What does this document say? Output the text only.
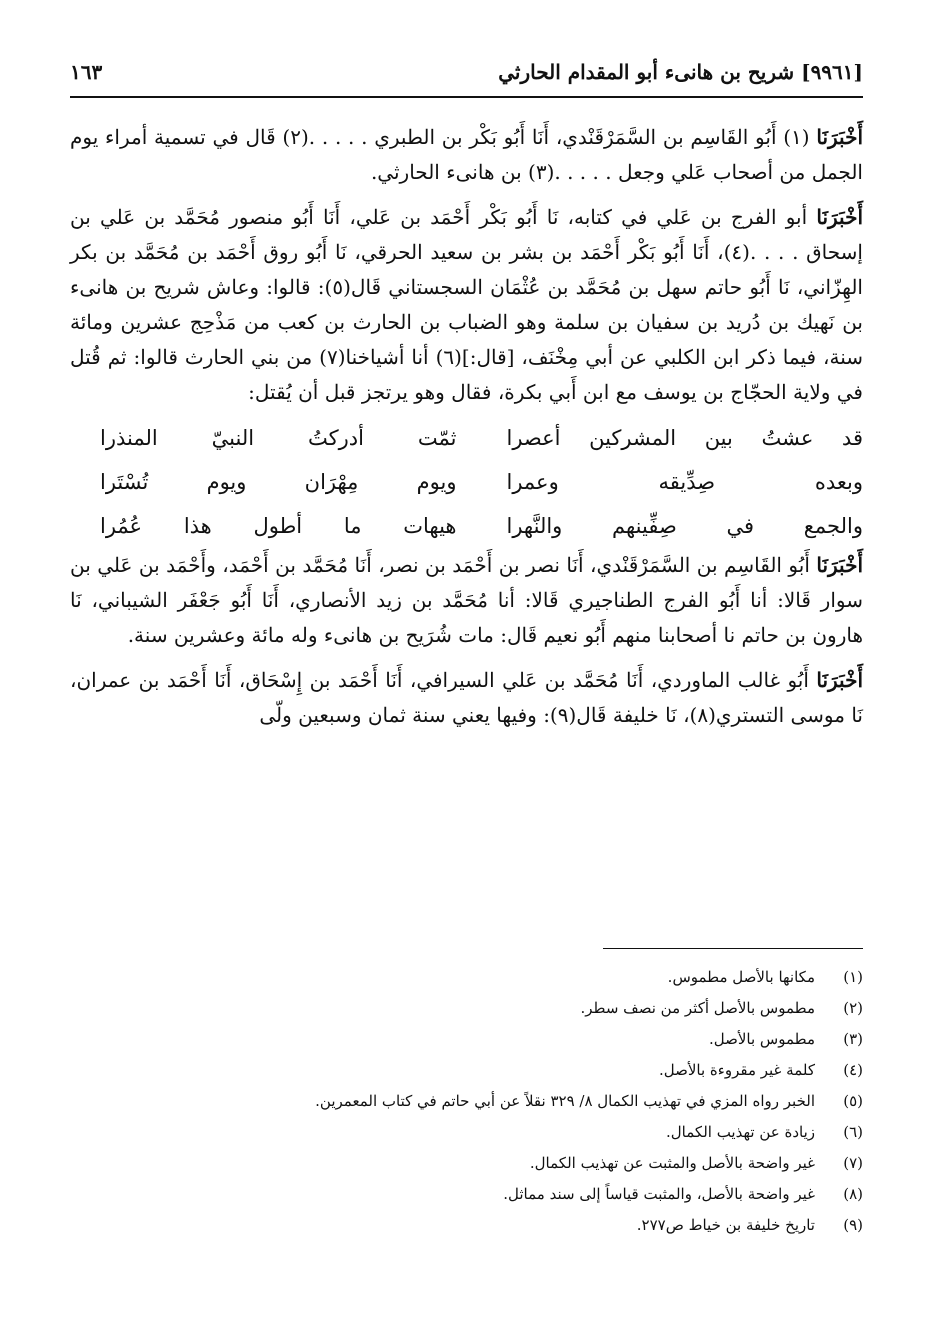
[٩٩٦١] شريح بن هانىء أبو المقدام الحارثي
١٦٣

أَخْبَرَنَا (١) أَبُو القَاسِم بن السَّمَرْقَنْدي، أَنَا أَبُو بَكْر بن الطبري . . . . .(٢) قَال في تسمية أمراء يوم الجمل من أصحاب عَلي وجعل . . . . .(٣) بن هانىء الحارثي.

أَخْبَرَنَا أبو الفرج بن عَلي في كتابه، نَا أَبُو بَكْر أَحْمَد بن عَلي، أَنَا أَبُو منصور مُحَمَّد بن عَلي بن إسحاق . . . .(٤)، أَنَا أَبُو بَكْر أَحْمَد بن بشر بن سعيد الحرقي، نَا أَبُو روق أَحْمَد بن مُحَمَّد بن بكر الهِزّاني، نَا أَبُو حاتم سهل بن مُحَمَّد بن عُثْمَان السجستاني قَال(٥): قالوا: وعاش شريح بن هانىء بن نَهيك بن دُريد بن سفيان بن سلمة وهو الضباب بن الحارث بن كعب من مَذْحِج عشرين ومائة سنة، فيما ذكر ابن الكلبي عن أبي مِخْنَف، [قال:](٦) أنا أشياخنا(٧) من بني الحارث قالوا: ثم قُتل في ولاية الحجّاج بن يوسف مع ابن أَبي بكرة، فقال وهو يرتجز قبل أن يُقتل:

قد عشتُ بين المشركين أعصرا
ثمّت أدركتُ النبيّ المنذرا
وبعده صِدِّيقه وعمرا
ويوم مِهْرَان ويوم تُسْتَرا
والجمع في صِفِّينهم والنَّهرا
هيهات ما أطول هذا عُمُرا

أَخْبَرَنَا أَبُو القَاسِم بن السَّمَرْقَنْدي، أَنَا نصر بن أَحْمَد بن نصر، أَنَا مُحَمَّد بن أَحْمَد، وأَحْمَد بن عَلي بن سوار قَالا: أنا أَبُو الفرج الطناجيري قَالا: أنا مُحَمَّد بن زيد الأنصاري، أَنَا أَبُو جَعْفَر الشيباني، نَا هارون بن حاتم نا أصحابنا منهم أَبُو نعيم قَال: مات شُرَيح بن هانىء وله مائة وعشرين سنة.

أَخْبَرَنَا أَبُو غالب الماوردي، أَنَا مُحَمَّد بن عَلي السيرافي، أَنَا أَحْمَد بن إِسْحَاق، أَنَا أَحْمَد بن عمران، نَا موسى التستري(٨)، نَا خليفة قَال(٩): وفيها يعني سنة ثمان وسبعين ولّى

(١)
مكانها بالأصل مطموس.
(٢)
مطموس بالأصل أكثر من نصف سطر.
(٣)
مطموس بالأصل.
(٤)
كلمة غير مقروءة بالأصل.
(٥)
الخبر رواه المزي في تهذيب الكمال ٨/ ٣٢٩ نقلاً عن أبي حاتم في كتاب المعمرين.
(٦)
زيادة عن تهذيب الكمال.
(٧)
غير واضحة بالأصل والمثبت عن تهذيب الكمال.
(٨)
غير واضحة بالأصل، والمثبت قياساً إلى سند مماثل.
(٩)
تاريخ خليفة بن خياط ص٢٧٧.
